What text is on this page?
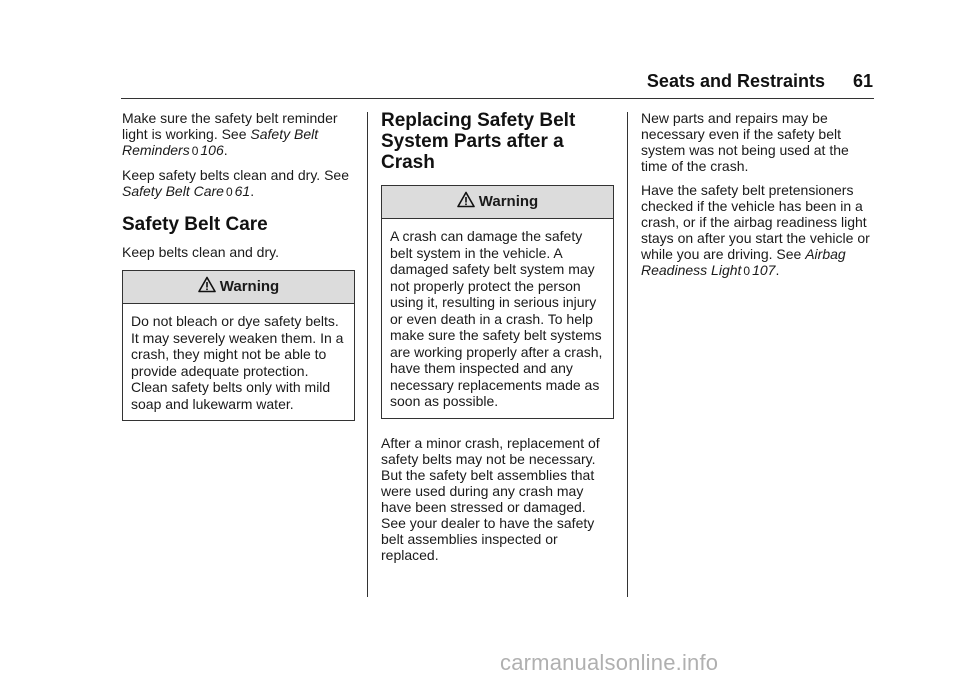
Seats and Restraints 61

Make sure the safety belt reminder light is working. See Safety Belt Reminders 0 106.

Keep safety belts clean and dry. See Safety Belt Care 0 61.

Safety Belt Care

Keep belts clean and dry.

Warning
Do not bleach or dye safety belts. It may severely weaken them. In a crash, they might not be able to provide adequate protection. Clean safety belts only with mild soap and lukewarm water.
Replacing Safety Belt System Parts after a Crash
Warning
A crash can damage the safety belt system in the vehicle. A damaged safety belt system may not properly protect the person using it, resulting in serious injury or even death in a crash. To help make sure the safety belt systems are working properly after a crash, have them inspected and any necessary replacements made as soon as possible.

After a minor crash, replacement of safety belts may not be necessary. But the safety belt assemblies that were used during any crash may have been stressed or damaged. See your dealer to have the safety belt assemblies inspected or replaced.

New parts and repairs may be necessary even if the safety belt system was not being used at the time of the crash.

Have the safety belt pretensioners checked if the vehicle has been in a crash, or if the airbag readiness light stays on after you start the vehicle or while you are driving. See Airbag Readiness Light 0 107.

carmanualsonline.info
